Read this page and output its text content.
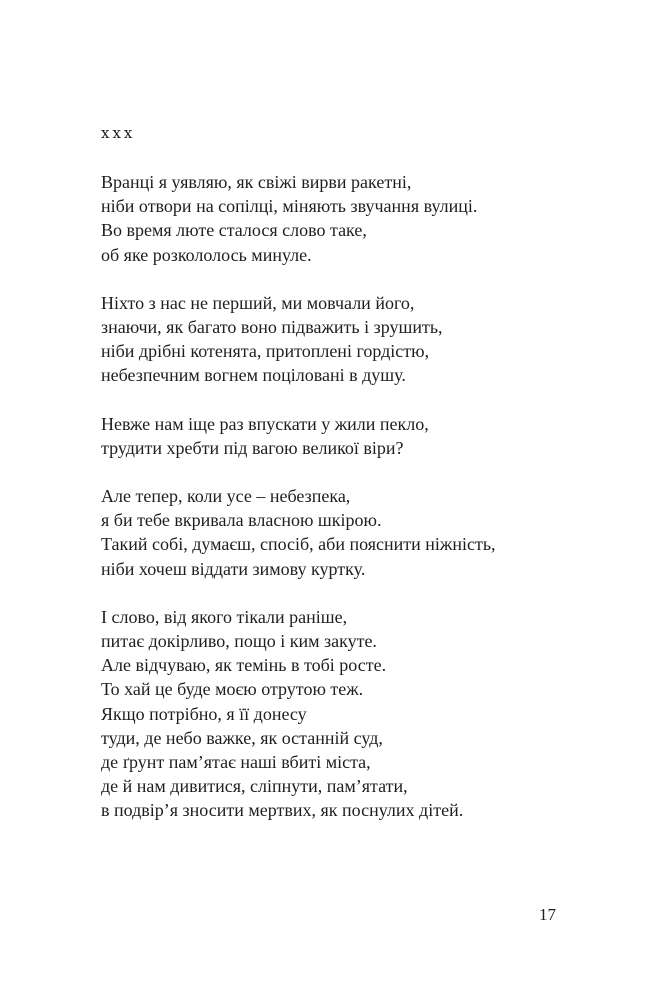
xxx
Вранці я уявляю, як свіжі вирви ракетні,
ніби отвори на сопілці, міняють звучання вулиці.
Во время люте сталося слово таке,
об яке розкололось минуле.
Ніхто з нас не перший, ми мовчали його,
знаючи, як багато воно підважить і зрушить,
ніби дрібні котенята, притоплені гордістю,
небезпечним вогнем поціловані в душу.
Невже нам іще раз впускати у жили пекло,
трудити хребти під вагою великої віри?
Але тепер, коли усе – небезпека,
я би тебе вкривала власною шкірою.
Такий собі, думаєш, спосіб, аби пояснити ніжність,
ніби хочеш віддати зимову куртку.
І слово, від якого тікали раніше,
питає докірливо, пощо і ким закуте.
Але відчуваю, як темінь в тобі росте.
То хай це буде моєю отрутою теж.
Якщо потрібно, я її донесу
туди, де небо важке, як останній суд,
де ґрунт пам’ятає наші вбиті міста,
де й нам дивитися, сліпнути, пам’ятати,
в подвір’я зносити мертвих, як поснулих дітей.
17
